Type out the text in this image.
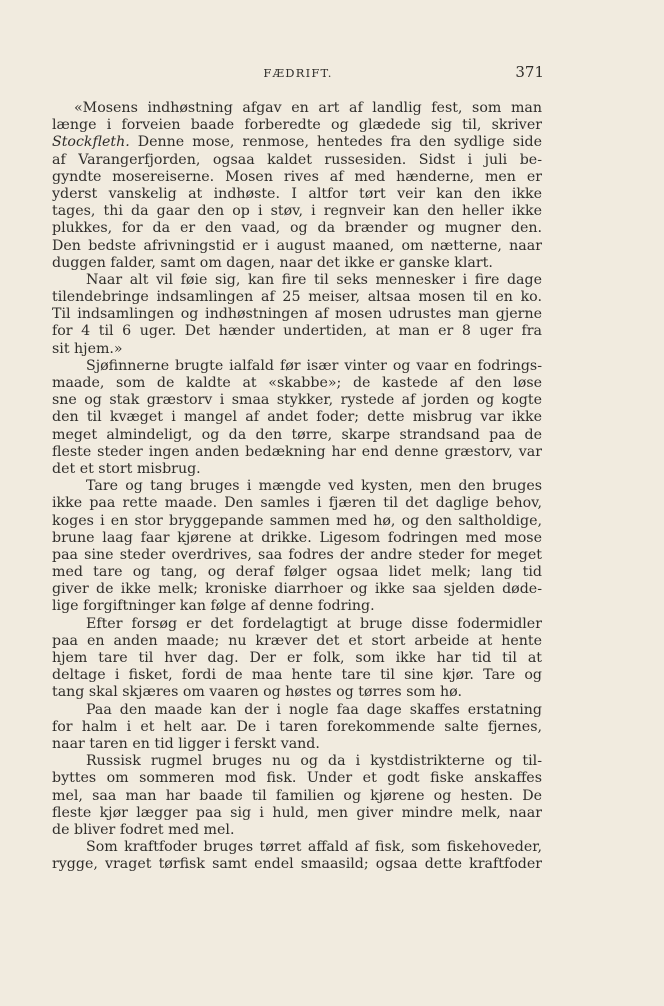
FÆDRIFT.	371
«Mosens indhøstning afgav en art af landlig fest, som man
længe i forveien baade forberedte og glædede sig til, skriver
Stockfleth. Denne mose, renmose, hentedes fra den sydlige side
af Varangerfjorden, ogsaa kaldet russesiden. Sidst i juli be-
gyndte mosereiserne. Mosen rives af med hænderne, men er
yderst vanskelig at indhøste. I altfor tørt veir kan den ikke
tages, thi da gaar den op i støv, i regnveir kan den heller ikke
plukkes, for da er den vaad, og da brænder og mugner den.
Den bedste afrivningstid er i august maaned, om nætterne, naar
duggen falder, samt om dagen, naar det ikke er ganske klart.
Naar alt vil føie sig, kan fire til seks mennesker i fire dage
tilendebringe indsamlingen af 25 meiser, altsaa mosen til en ko.
Til indsamlingen og indhøstningen af mosen udrustes man gjerne
for 4 til 6 uger. Det hænder undertiden, at man er 8 uger fra
sit hjem.»
Sjøfinnerne brugte ialfald før især vinter og vaar en fodrings-
maade, som de kaldte at «skabbe»; de kastede af den løse
sne og stak græstorv i smaa stykker, rystede af jorden og kogte
den til kvæget i mangel af andet foder; dette misbrug var ikke
meget almindeligt, og da den tørre, skarpe strandsand paa de
fleste steder ingen anden bedækning har end denne græstorv, var
det et stort misbrug.
Tare og tang bruges i mængde ved kysten, men den bruges
ikke paa rette maade. Den samles i fjæren til det daglige behov,
koges i en stor bryggepande sammen med hø, og den saltholdige,
brune laag faar kjørene at drikke. Ligesom fodringen med mose
paa sine steder overdrives, saa fodres der andre steder for meget
med tare og tang, og deraf følger ogsaa lidet melk; lang tid
giver de ikke melk; kroniske diarrhoer og ikke saa sjelden døde-
lige forgiftninger kan følge af denne fodring.
Efter forsøg er det fordelagtigt at bruge disse fodermidler
paa en anden maade; nu kræver det et stort arbeide at hente
hjem tare til hver dag. Der er folk, som ikke har tid til at
deltage i fisket, fordi de maa hente tare til sine kjør. Tare og
tang skal skjæres om vaaren og høstes og tørres som hø.
Paa den maade kan der i nogle faa dage skaffes erstatning
for halm i et helt aar. De i taren forekommende salte fjernes,
naar taren en tid ligger i ferskt vand.
Russisk rugmel bruges nu og da i kystdistrikterne og til-
byttes om sommeren mod fisk. Under et godt fiske anskaffes
mel, saa man har baade til familien og kjørene og hesten. De
fleste kjør lægger paa sig i huld, men giver mindre melk, naar
de bliver fodret med mel.
Som kraftfoder bruges tørret affald af fisk, som fiskehoveder,
rygge, vraget tørfisk samt endel smaasild; ogsaa dette kraftfoder
